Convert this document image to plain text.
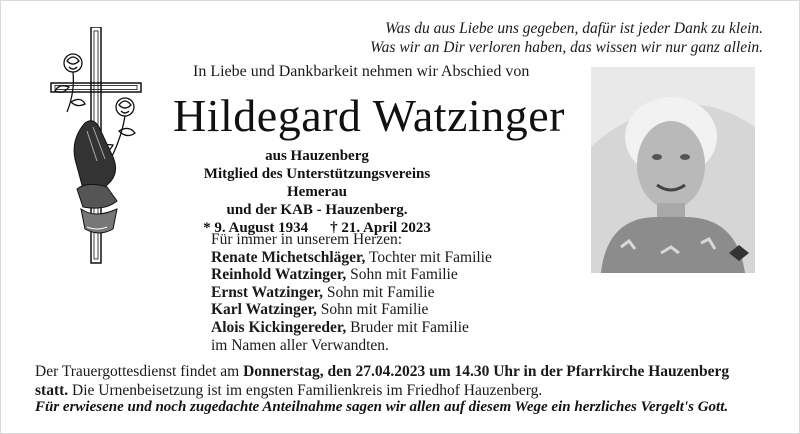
Was du aus Liebe uns gegeben, dafür ist jeder Dank zu klein.
Was wir an Dir verloren haben, das wissen wir nur ganz allein.
In Liebe und Dankbarkeit nehmen wir Abschied von
Hildegard Watzinger
aus Hauzenberg
Mitglied des Unterstützungsvereins Hemerau
und der KAB - Hauzenberg.
* 9. August 1934 † 21. April 2023
Für immer in unserem Herzen:
Renate Michetschläger, Tochter mit Familie
Reinhold Watzinger, Sohn mit Familie
Ernst Watzinger, Sohn mit Familie
Karl Watzinger, Sohn mit Familie
Alois Kickingereder, Bruder mit Familie
im Namen aller Verwandten.
Der Trauergottesdienst findet am Donnerstag, den 27.04.2023 um 14.30 Uhr in der Pfarrkirche Hauzenberg
statt. Die Urnenbeisetzung ist im engsten Familienkreis im Friedhof Hauzenberg.
Für erwiesene und noch zugedachte Anteilnahme sagen wir allen auf diesem Wege ein herzliches Vergelt's Gott.
